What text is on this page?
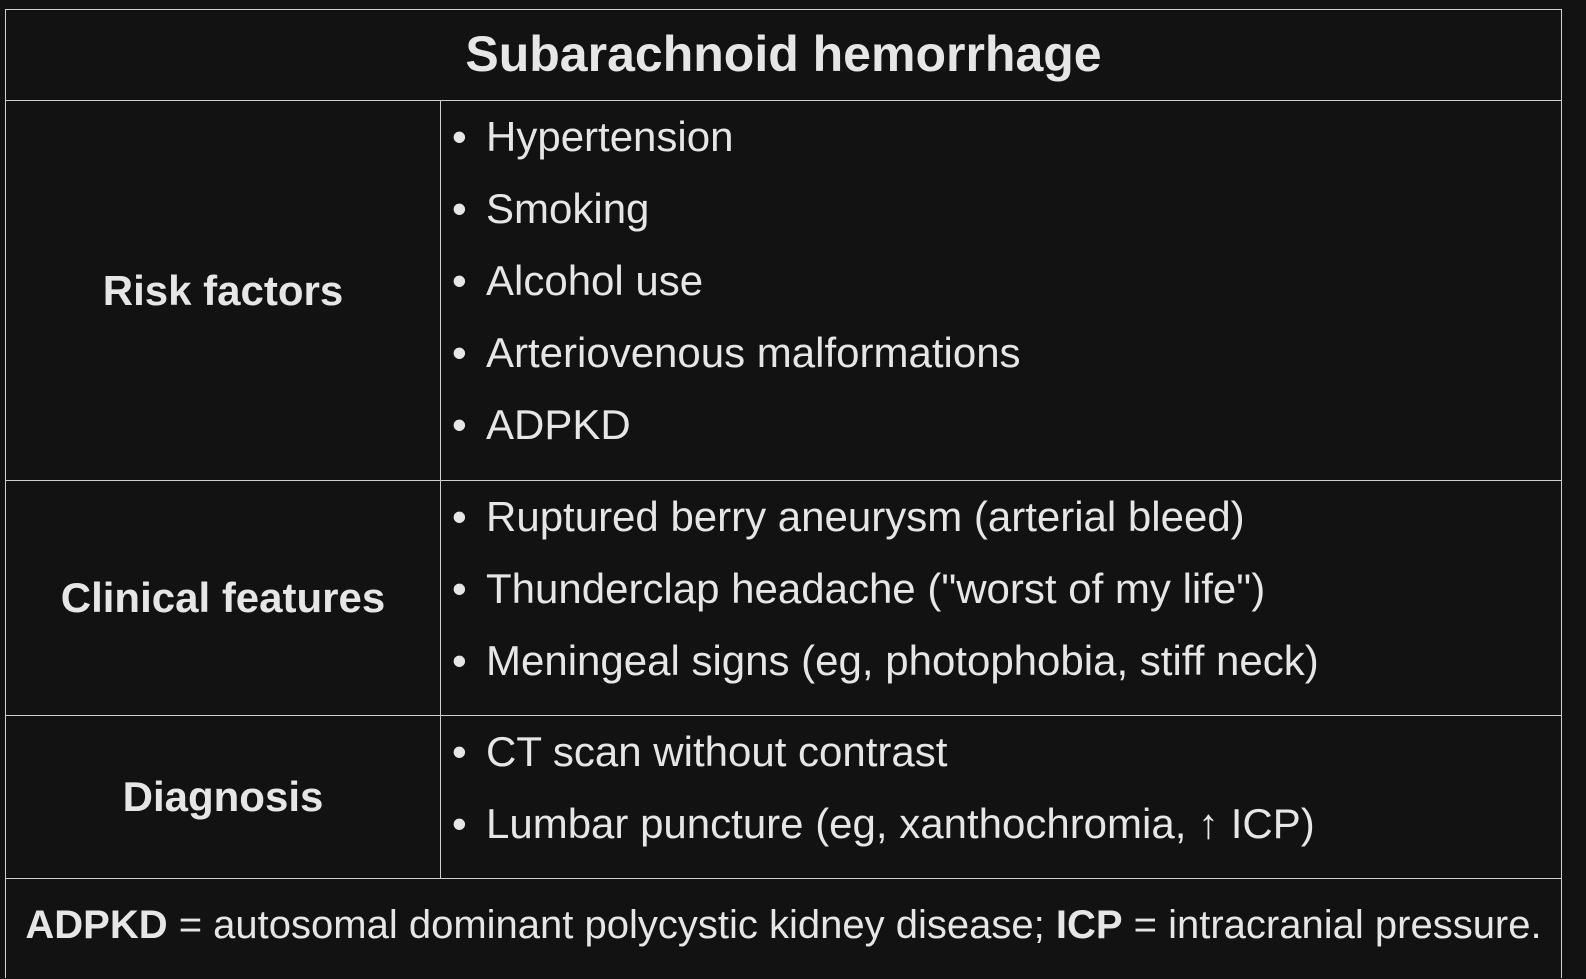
Subarachnoid hemorrhage
Risk factors
• Hypertension
• Smoking
• Alcohol use
• Arteriovenous malformations
• ADPKD
Clinical features
• Ruptured berry aneurysm (arterial bleed)
• Thunderclap headache ("worst of my life")
• Meningeal signs (eg, photophobia, stiff neck)
Diagnosis
• CT scan without contrast
• Lumbar puncture (eg, xanthochromia, ↑ ICP)
ADPKD = autosomal dominant polycystic kidney disease; ICP = intracranial pressure.
